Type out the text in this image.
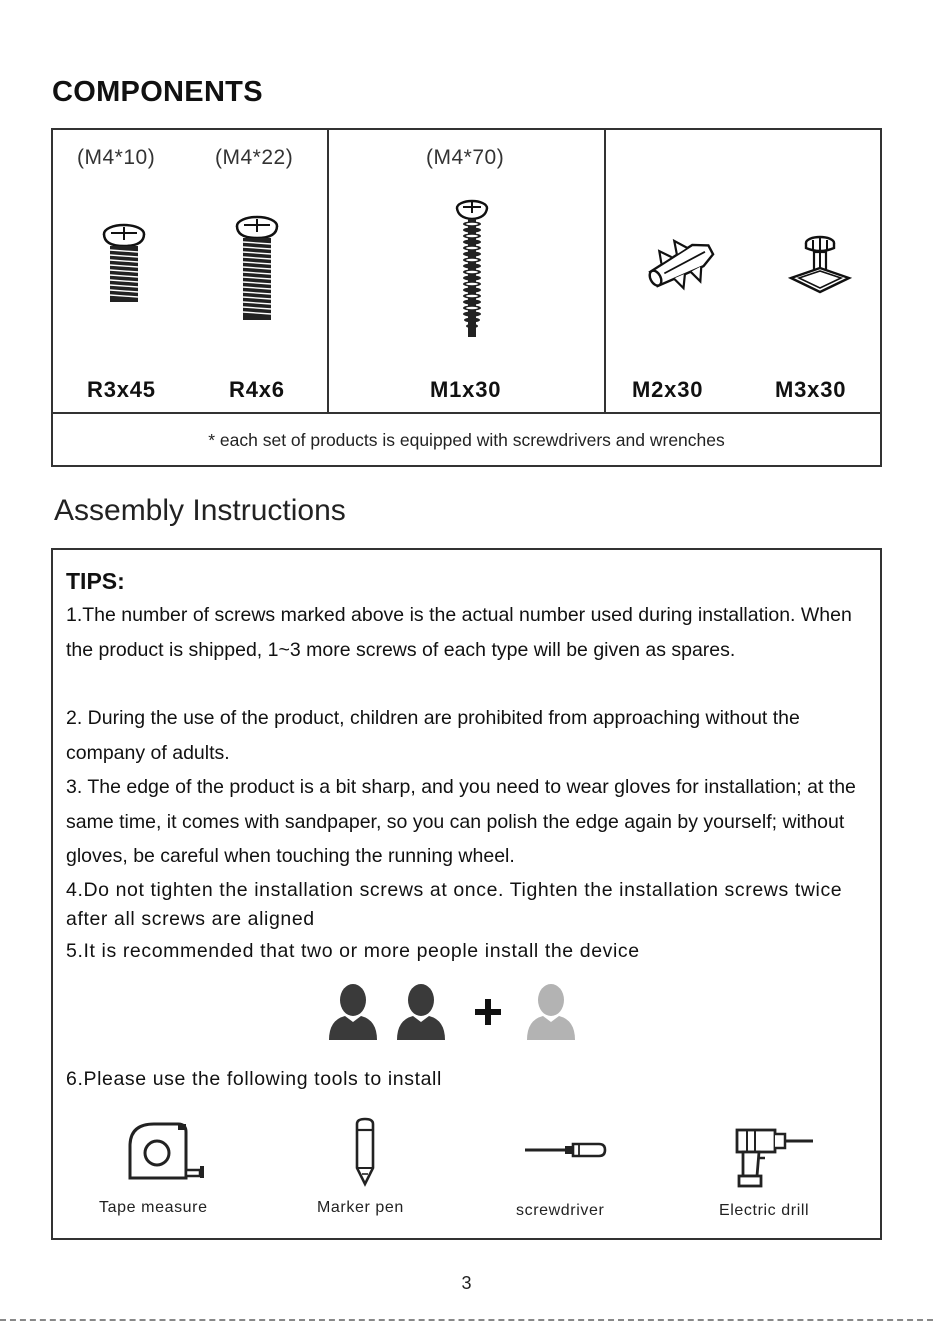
COMPONENTS
(M4*10)	(M4*22)
R3x45	R4x6
(M4*70)
M1x30	M2x30	M3x30
* each set of products is equipped with screwdrivers and wrenches
Assembly Instructions
TIPS:
1.The number of screws marked above is the actual number used during installation. When the product is shipped, 1~3 more screws of each type will be given as spares.
2. During the use of the product, children are prohibited from approaching without the company of adults.
3. The edge of the product is a bit sharp, and you need to wear gloves for installation; at the same time, it comes with sandpaper, so you can polish the edge again by yourself; without gloves, be careful when touching the running wheel.
4.Do not tighten the installation screws at once. Tighten the installation screws twice after all screws are aligned
5.It is recommended that two or more people install the device
6.Please use the following tools to install
Tape measure	Marker pen	screwdriver	Electric drill
3
